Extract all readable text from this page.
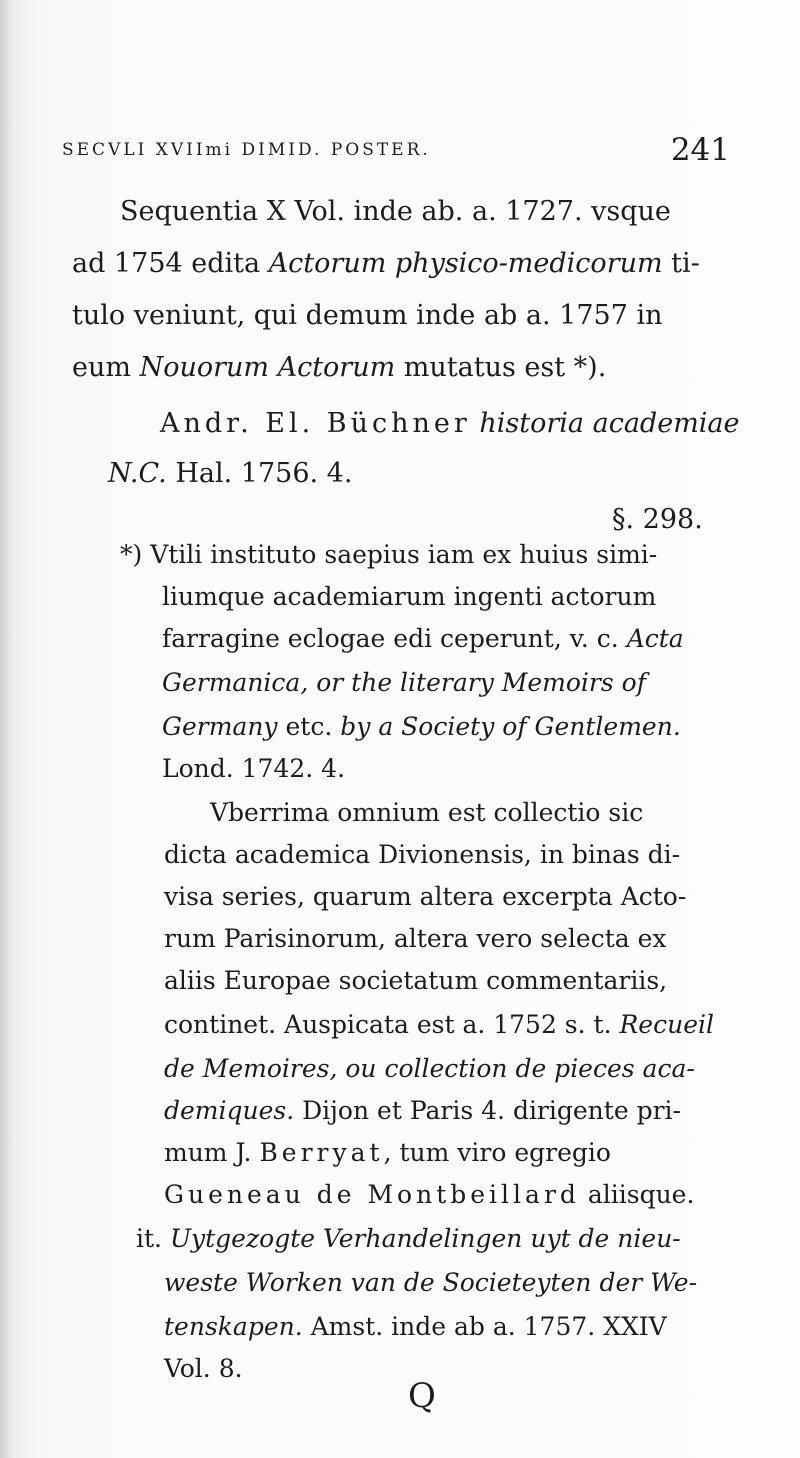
SECVLI XVIImi DIMID. POSTER.	241
Sequentia X Vol. inde ab. a. 1727. vsque
ad 1754 edita Actorum physico-medicorum ti-
tulo veniunt, qui demum inde ab a. 1757 in
eum Nouorum Actorum mutatus est *).
Andr. El. Büchner historia academiae
N.C. Hal. 1756. 4.
§. 298.
*) Vtili instituto saepius iam ex huius simi-
liumque academiarum ingenti actorum
farragine eclogae edi ceperunt, v. c. Acta
Germanica, or the literary Memoirs of
Germany etc. by a Society of Gentlemen.
Lond. 1742. 4.
Vberrima omnium est collectio sic
dicta academica Divionensis, in binas di-
visa series, quarum altera excerpta Acto-
rum Parisinorum, altera vero selecta ex
aliis Europae societatum commentariis,
continet. Auspicata est a. 1752 s. t. Recueil
de Memoires, ou collection de pieces aca-
demiques. Dijon et Paris 4. dirigente pri-
mum J. Berryat, tum viro egregio
Gueneau de Montbeillard aliisque.
it. Uytgezogte Verhandelingen uyt de nieu-
weste Worken van de Societeyten der We-
tenskapen. Amst. inde ab a. 1757. XXIV
Vol. 8.
Q
